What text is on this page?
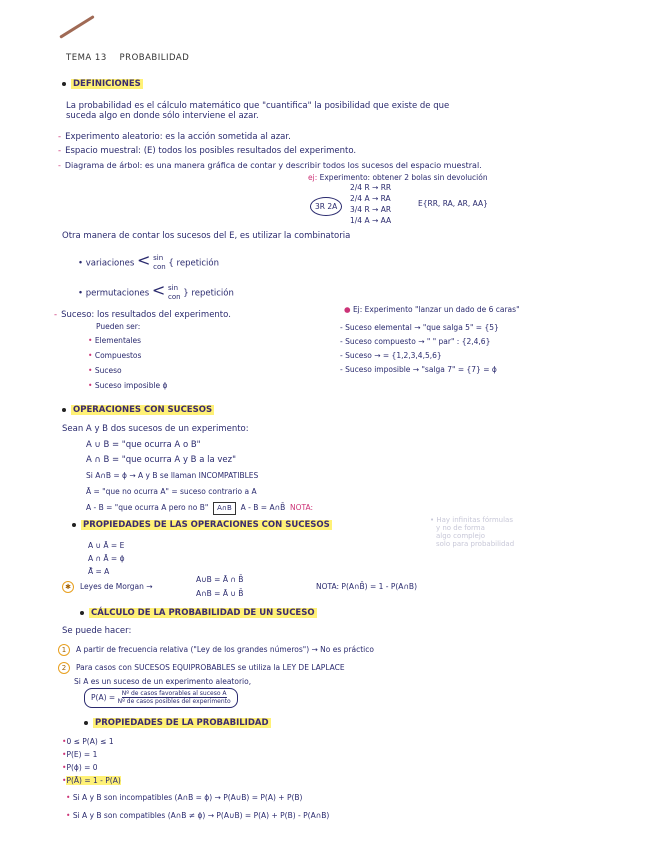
TEMA 13 PROBABILIDAD
DEFINICIONES
La probabilidad es el cálculo matemático que "cuantifica" la posibilidad que existe de que
suceda algo en donde sólo interviene el azar.
- Experimento aleatorio: es la acción sometida al azar.
- Espacio muestral: (E) todos los posibles resultados del experimento.
- Diagrama de árbol: es una manera gráfica de contar y describir todos los sucesos del espacio muestral.
ej: Experimento: obtener 2 bolas sin devolución
3R 2A
2/4 R → RR
2/4 A → RA
3/4 R → AR
1/4 A → AA
E{RR, RA, AR, AA}
Otra manera de contar los sucesos del E, es utilizar la combinatoria
• variaciones < sin
con { repetición
• permutaciones < sin
con } repetición
- Suceso: los resultados del experimento.
Pueden ser:
• Elementales
• Compuestos
• Suceso
• Suceso imposible ϕ
● Ej: Experimento "lanzar un dado de 6 caras"
- Suceso elemental → "que salga 5" = {5}
- Suceso compuesto → " " par" : {2,4,6}
- Suceso → = {1,2,3,4,5,6}
- Suceso imposible → "salga 7" = {7} = ϕ
OPERACIONES CON SUCESOS
Sean A y B dos sucesos de un experimento:
A ∪ B = "que ocurra A o B"
A ∩ B = "que ocurra A y B a la vez"
Si A∩B = ϕ → A y B se llaman INCOMPATIBLES
Ā = "que no ocurra A" = suceso contrario a A
A - B = "que ocurra A pero no B" A∩B A - B = A∩B̄ NOTA:
PROPIEDADES DE LAS OPERACIONES CON SUCESOS
A ∪ Ā = E
A ∩ Ā = ϕ
Ā̄ = A
✱ Leyes de Morgan →
A∪B = Ā ∩ B̄
A∩B = Ā ∪ B̄
NOTA: P(A∩B̄) = 1 - P(A∩B)
• Hay infinitas fórmulas
y no de forma
algo complejo
solo para probabilidad
CÁLCULO DE LA PROBABILIDAD DE UN SUCESO
Se puede hacer:
1 A partir de frecuencia relativa ("Ley de los grandes números") → No es práctico
2 Para casos con SUCESOS EQUIPROBABLES se utiliza la LEY DE LAPLACE
Si A es un suceso de un experimento aleatorio,
P(A) = Nº de casos favorables al suceso A
Nº de casos posibles del experimento
PROPIEDADES DE LA PROBABILIDAD
•0 ≤ P(A) ≤ 1
•P(E) = 1
•P(ϕ) = 0
•P(Ā) = 1 - P(A)
• Si A y B son incompatibles (A∩B = ϕ) → P(A∪B) = P(A) + P(B)
• Si A y B son compatibles (A∩B ≠ ϕ) → P(A∪B) = P(A) + P(B) - P(A∩B)
